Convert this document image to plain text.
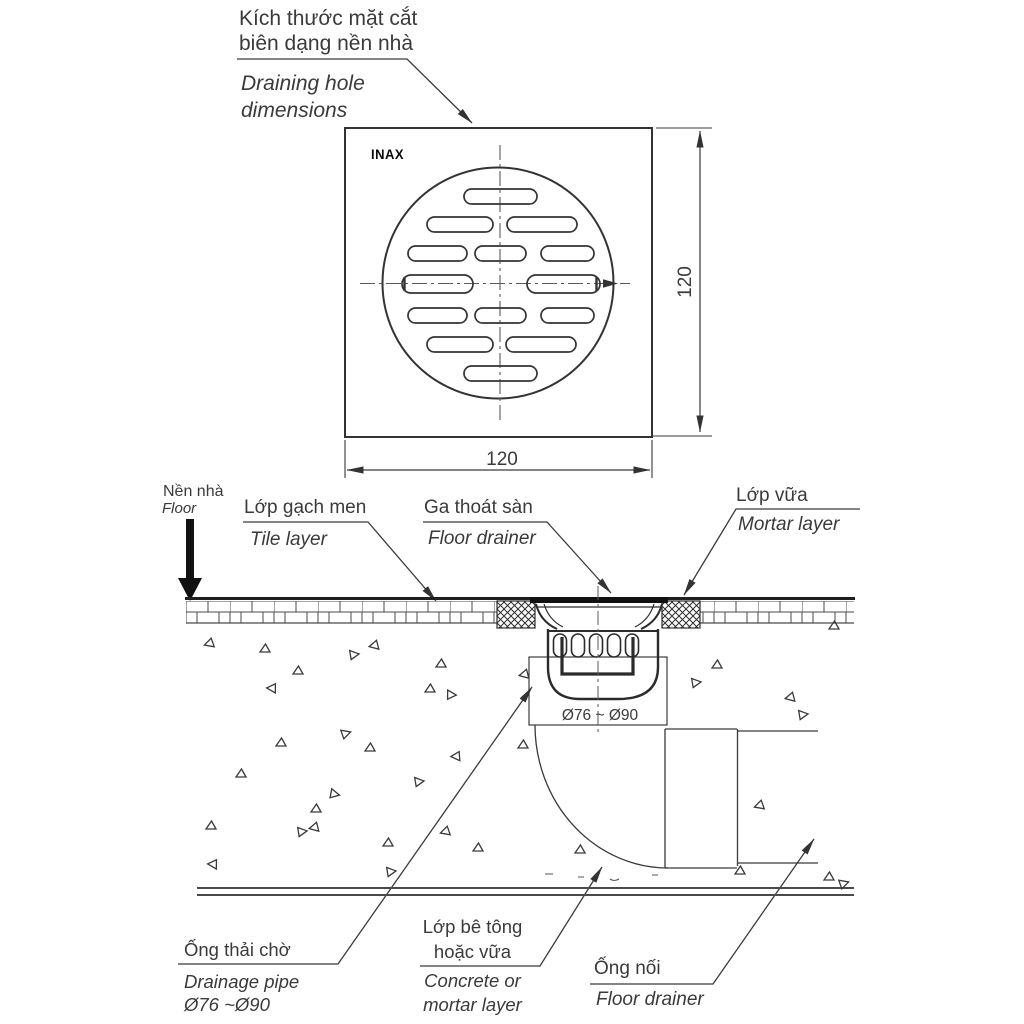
120
120
Ø76 ~ Ø90
Kích thước mặt cắt
biên dạng nền nhà
Draining hole
dimensions
INAX
Nền nhà
Floor	Lớp gạch men
Tile layer
Ga thoát sàn
Floor drainer
Lớp vữa
Mortar layer
Ống thải chờ
Drainage pipe
Ø76 ~Ø90
Lớp bê tông
hoặc vữa
Concrete or
mortar layer
Ống nối
Floor drainer
